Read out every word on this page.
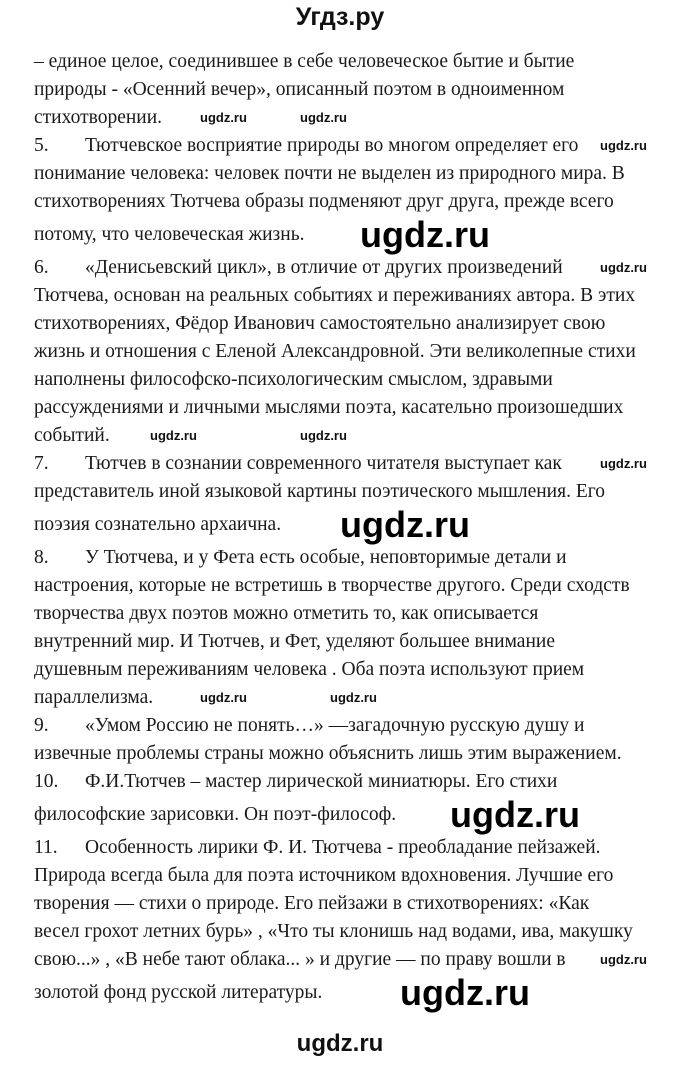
Угдз.ру
– единое целое, соединившее в себе человеческое бытие и бытие
природы - «Осенний вечер», описанный поэтом в одноименном
стихотворении.
5. Тютчевское восприятие природы во многом определяет его
понимание человека: человек почти не выделен из природного мира. В
стихотворениях Тютчева образы подменяют друг друга, прежде всего
потому, что человеческая жизнь.
6. «Денисьевский цикл», в отличие от других произведений
Тютчева, основан на реальных событиях и переживаниях автора. В этих
стихотворениях, Фёдор Иванович самостоятельно анализирует свою
жизнь и отношения с Еленой Александровной. Эти великолепные стихи
наполнены философско-психологическим смыслом, здравыми
рассуждениями и личными мыслями поэта, касательно произошедших
событий.
7. Тютчев в сознании современного читателя выступает как
представитель иной языковой картины поэтического мышления. Его
поэзия сознательно архаична.
8. У Тютчева, и у Фета есть особые, неповторимые детали и
настроения, которые не встретишь в творчестве другого. Среди сходств
творчества двух поэтов можно отметить то, как описывается
внутренний мир. И Тютчев, и Фет, уделяют большее внимание
душевным переживаниям человека . Оба поэта используют прием
параллелизма.
9. «Умом Россию не понять…» —загадочную русскую душу и
извечные проблемы страны можно объяснить лишь этим выражением.
10. Ф.И.Тютчев – мастер лирической миниатюры. Его стихи
философские зарисовки. Он поэт-философ.
11. Особенность лирики Ф. И. Тютчева - преобладание пейзажей.
Природа всегда была для поэта источником вдохновения. Лучшие его
творения — стихи о природе. Его пейзажи в стихотворениях: «Как
весел грохот летних бурь» , «Что ты клонишь над водами, ива, макушку
свою...» , «В небе тают облака... » и другие — по праву вошли в
золотой фонд русской литературы.
ugdz.ru	ugdz.ru
ugdz.ru
ugdz.ru
ugdz.ru	ugdz.ru
ugdz.ru
ugdz.ru	ugdz.ru
ugdz.ru
ugdz.ru
ugdz.ru
ugdz.ru
ugdz.ru
ugdz.ru
